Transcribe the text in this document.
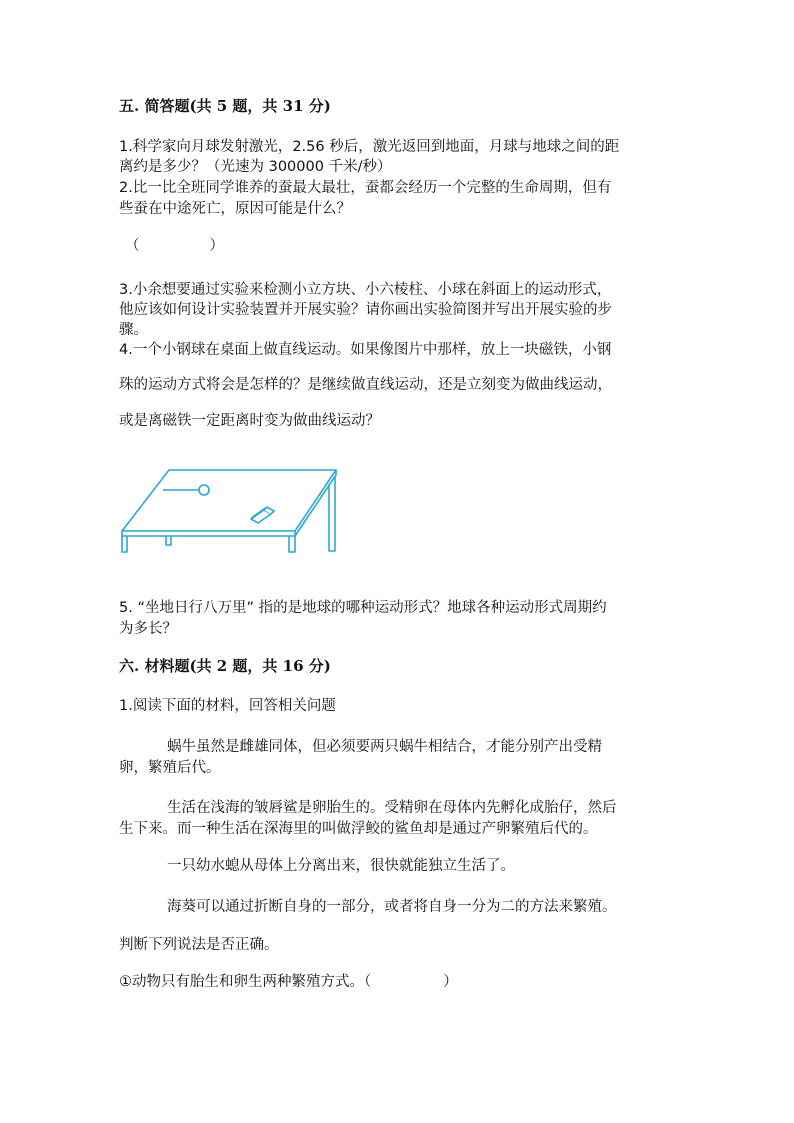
五. 简答题(共 5 题，共 31 分)
1.科学家向月球发射激光，2.56 秒后，激光返回到地面，月球与地球之间的距
离约是多少？（光速为 300000 千米/秒）
2.比一比全班同学谁养的蚕最大最壮，蚕都会经历一个完整的生命周期，但有
些蚕在中途死亡，原因可能是什么？
（	）
3.小余想要通过实验来检测小立方块、小六棱柱、小球在斜面上的运动形式，
他应该如何设计实验装置并开展实验？请你画出实验简图并写出开展实验的步
骤。
4.一个小钢球在桌面上做直线运动。如果像图片中那样，放上一块磁铁，小钢
珠的运动方式将会是怎样的？是继续做直线运动，还是立刻变为做曲线运动，
或是离磁铁一定距离时变为做曲线运动？
5. “坐地日行八万里” 指的是地球的哪种运动形式？地球各种运动形式周期约
为多长？
六. 材料题(共 2 题，共 16 分)
1.阅读下面的材料，回答相关问题
蜗牛虽然是雌雄同体，但必须要两只蜗牛相结合，才能分别产出受精
卵，繁殖后代。
生活在浅海的皱唇鲨是卵胎生的。受精卵在母体内先孵化成胎仔，然后
生下来。而一种生活在深海里的叫做浮鲛的鲨鱼却是通过产卵繁殖后代的。
一只幼水螅从母体上分离出来，很快就能独立生活了。
海葵可以通过折断自身的一部分，或者将自身一分为二的方法来繁殖。
判断下列说法是否正确。
①动物只有胎生和卵生两种繁殖方式。（	）
